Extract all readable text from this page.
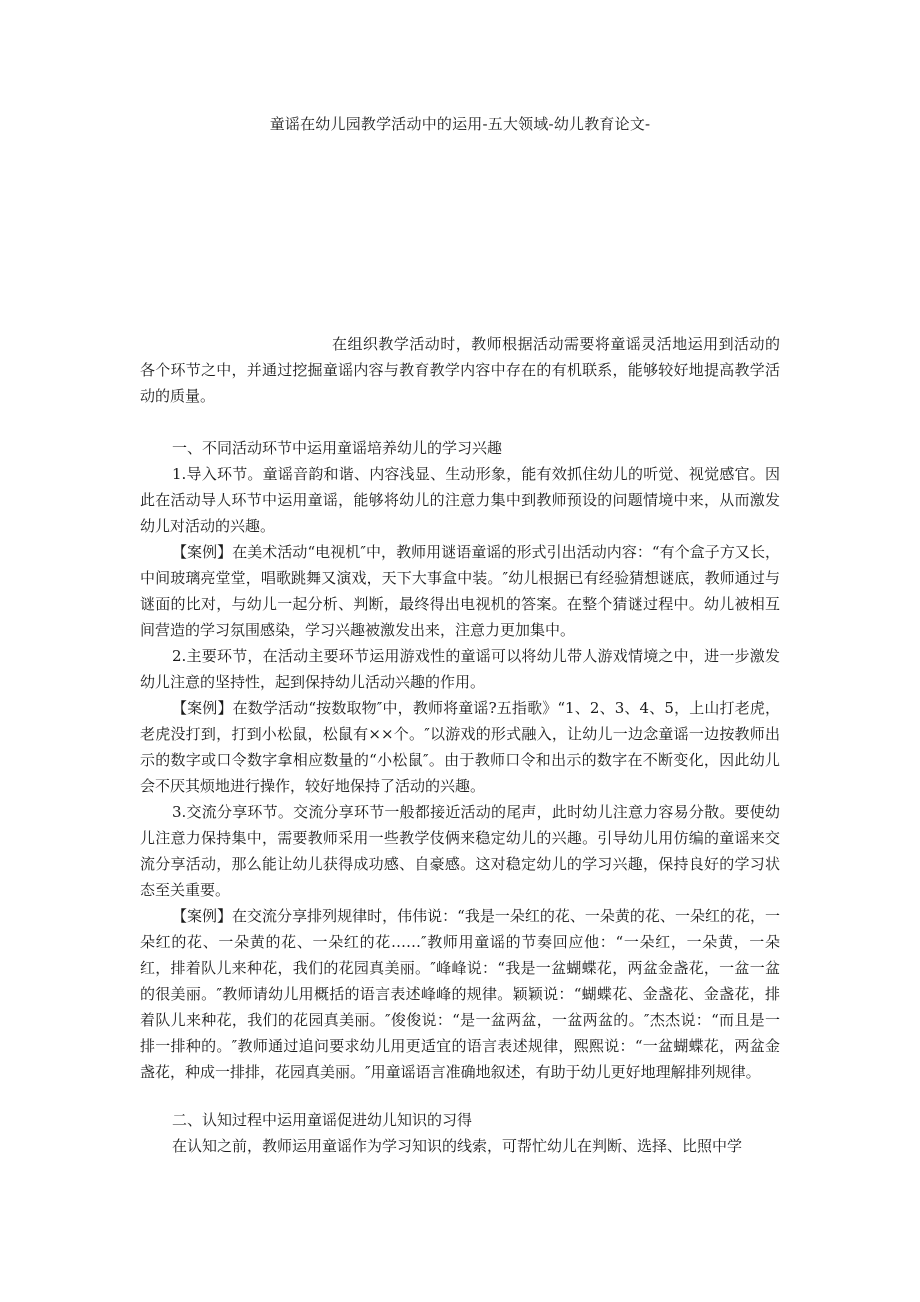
童谣在幼儿园教学活动中的运用-五大领域-幼儿教育论文-

在组织教学活动时，教师根据活动需要将童谣灵活地运用到活动的各个环节之中，并通过挖掘童谣内容与教育教学内容中存在的有机联系，能够较好地提高教学活动的质量。

一、不同活动环节中运用童谣培养幼儿的学习兴趣

1.导入环节。童谣音韵和谐、内容浅显、生动形象，能有效抓住幼儿的听觉、视觉感官。因此在活动导人环节中运用童谣，能够将幼儿的注意力集中到教师预设的问题情境中来，从而激发幼儿对活动的兴趣。

【案例】在美术活动“电视机″中，教师用谜语童谣的形式引出活动内容：“有个盒子方又长，中间玻璃亮堂堂，唱歌跳舞又演戏，天下大事盒中装。″幼儿根据已有经验猜想谜底，教师通过与谜面的比对，与幼儿一起分析、判断，最终得出电视机的答案。在整个猜谜过程中。幼儿被相互间营造的学习氛围感染，学习兴趣被激发出来，注意力更加集中。

2.主要环节，在活动主要环节运用游戏性的童谣可以将幼儿带人游戏情境之中，进一步激发幼儿注意的坚持性，起到保持幼儿活动兴趣的作用。

【案例】在数学活动“按数取物″中，教师将童谣?五指歌》“1、2、3、4、5，上山打老虎，老虎没打到，打到小松鼠，松鼠有××个。″以游戏的形式融入，让幼儿一边念童谣一边按教师出示的数字或口令数字拿相应数量的“小松鼠″。由于教师口令和出示的数字在不断变化，因此幼儿会不厌其烦地进行操作，较好地保持了活动的兴趣。

3.交流分享环节。交流分享环节一般都接近活动的尾声，此时幼儿注意力容易分散。要使幼儿注意力保持集中，需要教师采用一些教学伎俩来稳定幼儿的兴趣。引导幼儿用仿编的童谣来交流分享活动，那么能让幼儿获得成功感、自豪感。这对稳定幼儿的学习兴趣，保持良好的学习状态至关重要。

【案例】在交流分享排列规律时，伟伟说：“我是一朵红的花、一朵黄的花、一朵红的花，一朵红的花、一朵黄的花、一朵红的花……″教师用童谣的节奏回应他：“一朵红，一朵黄，一朵红，排着队儿来种花，我们的花园真美丽。″峰峰说：“我是一盆蝴蝶花，两盆金盏花，一盆一盆的很美丽。″教师请幼儿用概括的语言表述峰峰的规律。颖颖说：“蝴蝶花、金盏花、金盏花，排着队儿来种花，我们的花园真美丽。″俊俊说：“是一盆两盆，一盆两盆的。″杰杰说：“而且是一排一排种的。″教师通过追问要求幼儿用更适宜的语言表述规律，熙熙说：“一盆蝴蝶花，两盆金盏花，种成一排排，花园真美丽。″用童谣语言准确地叙述，有助于幼儿更好地理解排列规律。

二、认知过程中运用童谣促进幼儿知识的习得

在认知之前，教师运用童谣作为学习知识的线索，可帮忙幼儿在判断、选择、比照中学
